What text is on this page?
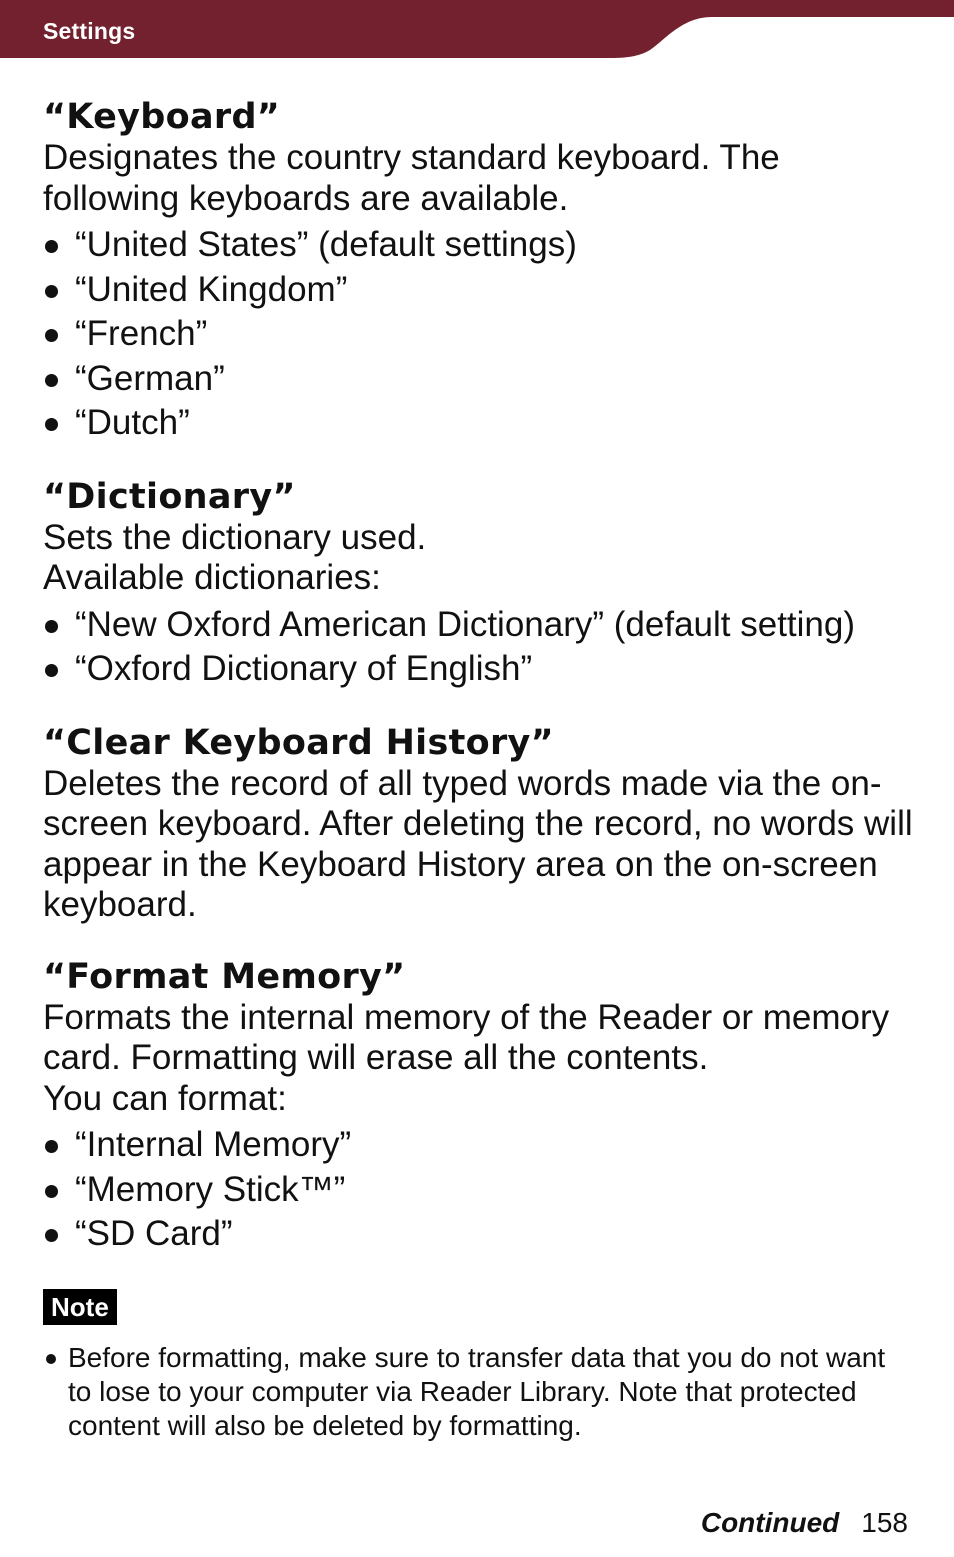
Settings
“Keyboard”

Designates the country standard keyboard. The following keyboards are available.

“United States” (default settings)
“United Kingdom”
“French”
“German”
“Dutch”
“Dictionary”

Sets the dictionary used.

Available dictionaries:

“New Oxford American Dictionary” (default setting)
“Oxford Dictionary of English”
“Clear Keyboard History”

Deletes the record of all typed words made via the on-screen keyboard. After deleting the record, no words will appear in the Keyboard History area on the on-screen keyboard.

“Format Memory”

Formats the internal memory of the Reader or memory card. Formatting will erase all the contents.

You can format:

“Internal Memory”
“Memory Stick™”
“SD Card”
Note
Before formatting, make sure to transfer data that you do not want to lose to your computer via Reader Library. Note that protected content will also be deleted by formatting.
Continued 158
